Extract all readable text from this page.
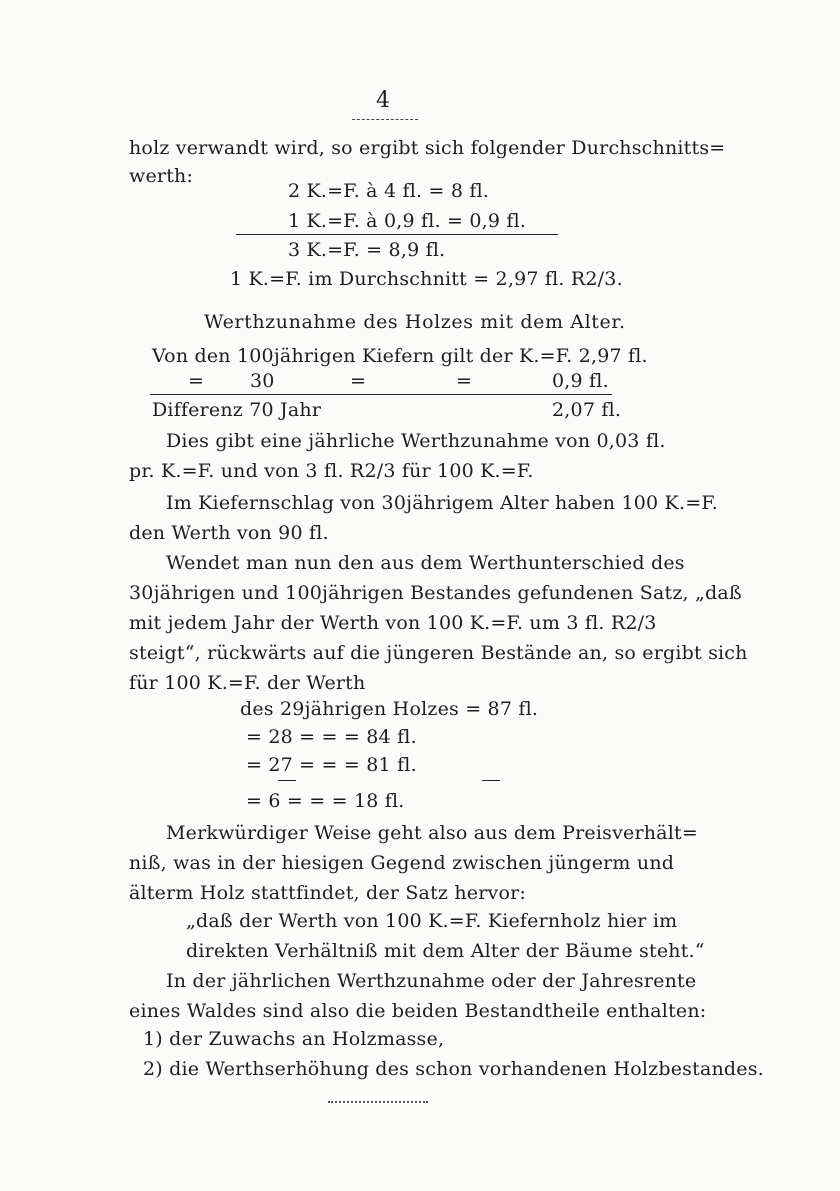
4
holz verwandt wird, so ergibt sich folgender Durchschnitts=
werth:
2 K.=F. à 4 fl. = 8 fl.
1 K.=F. à 0,9 fl. = 0,9 fl.
3 K.=F. = 8,9 fl.
1 K.=F. im Durchschnitt = 2,97 fl. R2/3.
Werthzunahme des Holzes mit dem Alter.
Von den 100jährigen Kiefern gilt der K.=F. 2,97 fl.
= 30	=	=	0,9 fl.
Differenz 70 Jahr	2,07 fl.
Dies gibt eine jährliche Werthzunahme von 0,03 fl.
pr. K.=F. und von 3 fl. R2/3 für 100 K.=F.
Im Kiefernschlag von 30jährigem Alter haben 100 K.=F.
den Werth von 90 fl.
Wendet man nun den aus dem Werthunterschied des
30jährigen und 100jährigen Bestandes gefundenen Satz, „daß
mit jedem Jahr der Werth von 100 K.=F. um 3 fl. R2/3
steigt“, rückwärts auf die jüngeren Bestände an, so ergibt sich
für 100 K.=F. der Werth
des 29jährigen Holzes = 87 fl.
= 28 = = = 84 fl.
= 27 = = = 81 fl.
= 6 = = = 18 fl.
Merkwürdiger Weise geht also aus dem Preisverhält=
niß, was in der hiesigen Gegend zwischen jüngerm und
älterm Holz stattfindet, der Satz hervor:
„daß der Werth von 100 K.=F. Kiefernholz hier im
direkten Verhältniß mit dem Alter der Bäume steht.“
In der jährlichen Werthzunahme oder der Jahresrente
eines Waldes sind also die beiden Bestandtheile enthalten:
1) der Zuwachs an Holzmasse,
2) die Werthserhöhung des schon vorhandenen Holzbestandes.
